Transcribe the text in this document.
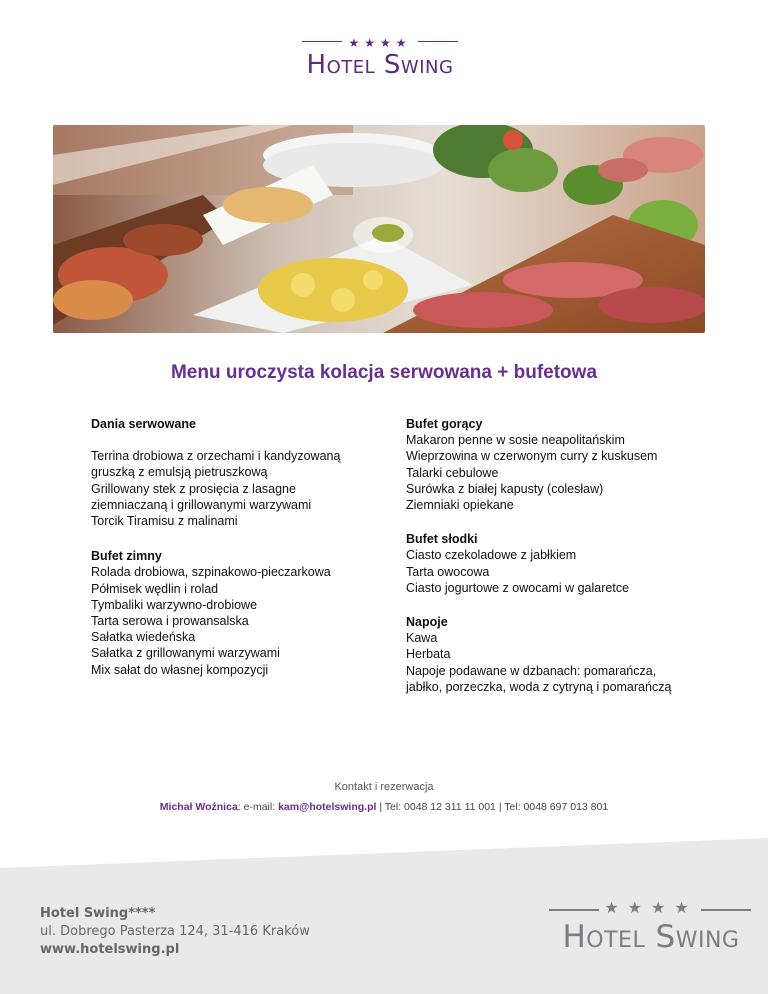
★★★★
Hotel Swing
Menu uroczysta kolacja serwowana + bufetowa

Dania serwowane

Terrina drobiowa z orzechami i kandyzowaną

gruszką z emulsją pietruszkową

Grillowany stek z prosięcia z lasagne

ziemniaczaną i grillowanymi warzywami

Torcik Tiramisu z malinami

Bufet zimny

Rolada drobiowa, szpinakowo-pieczarkowa

Półmisek wędlin i rolad

Tymbaliki warzywno-drobiowe

Tarta serowa i prowansalska

Sałatka wiedeńska

Sałatka z grillowanymi warzywami

Mix sałat do własnej kompozycji

Bufet gorący

Makaron penne w sosie neapolitańskim

Wieprzowina w czerwonym curry z kuskusem

Talarki cebulowe

Surówka z białej kapusty (colesław)

Ziemniaki opiekane

Bufet słodki

Ciasto czekoladowe z jabłkiem

Tarta owocowa

Ciasto jogurtowe z owocami w galaretce

Napoje

Kawa

Herbata

Napoje podawane w dzbanach: pomarańcza,

jabłko, porzeczka, woda z cytryną i pomarańczą

Kontakt i rezerwacja
Michał Woźnica: e-mail: kam@hotelswing.pl | Tel: 0048 12 311 11 001 | Tel: 0048 697 013 801
Hotel Swing****
ul. Dobrego Pasterza 124, 31-416 Kraków
www.hotelswing.pl
★★★★
Hotel Swing
